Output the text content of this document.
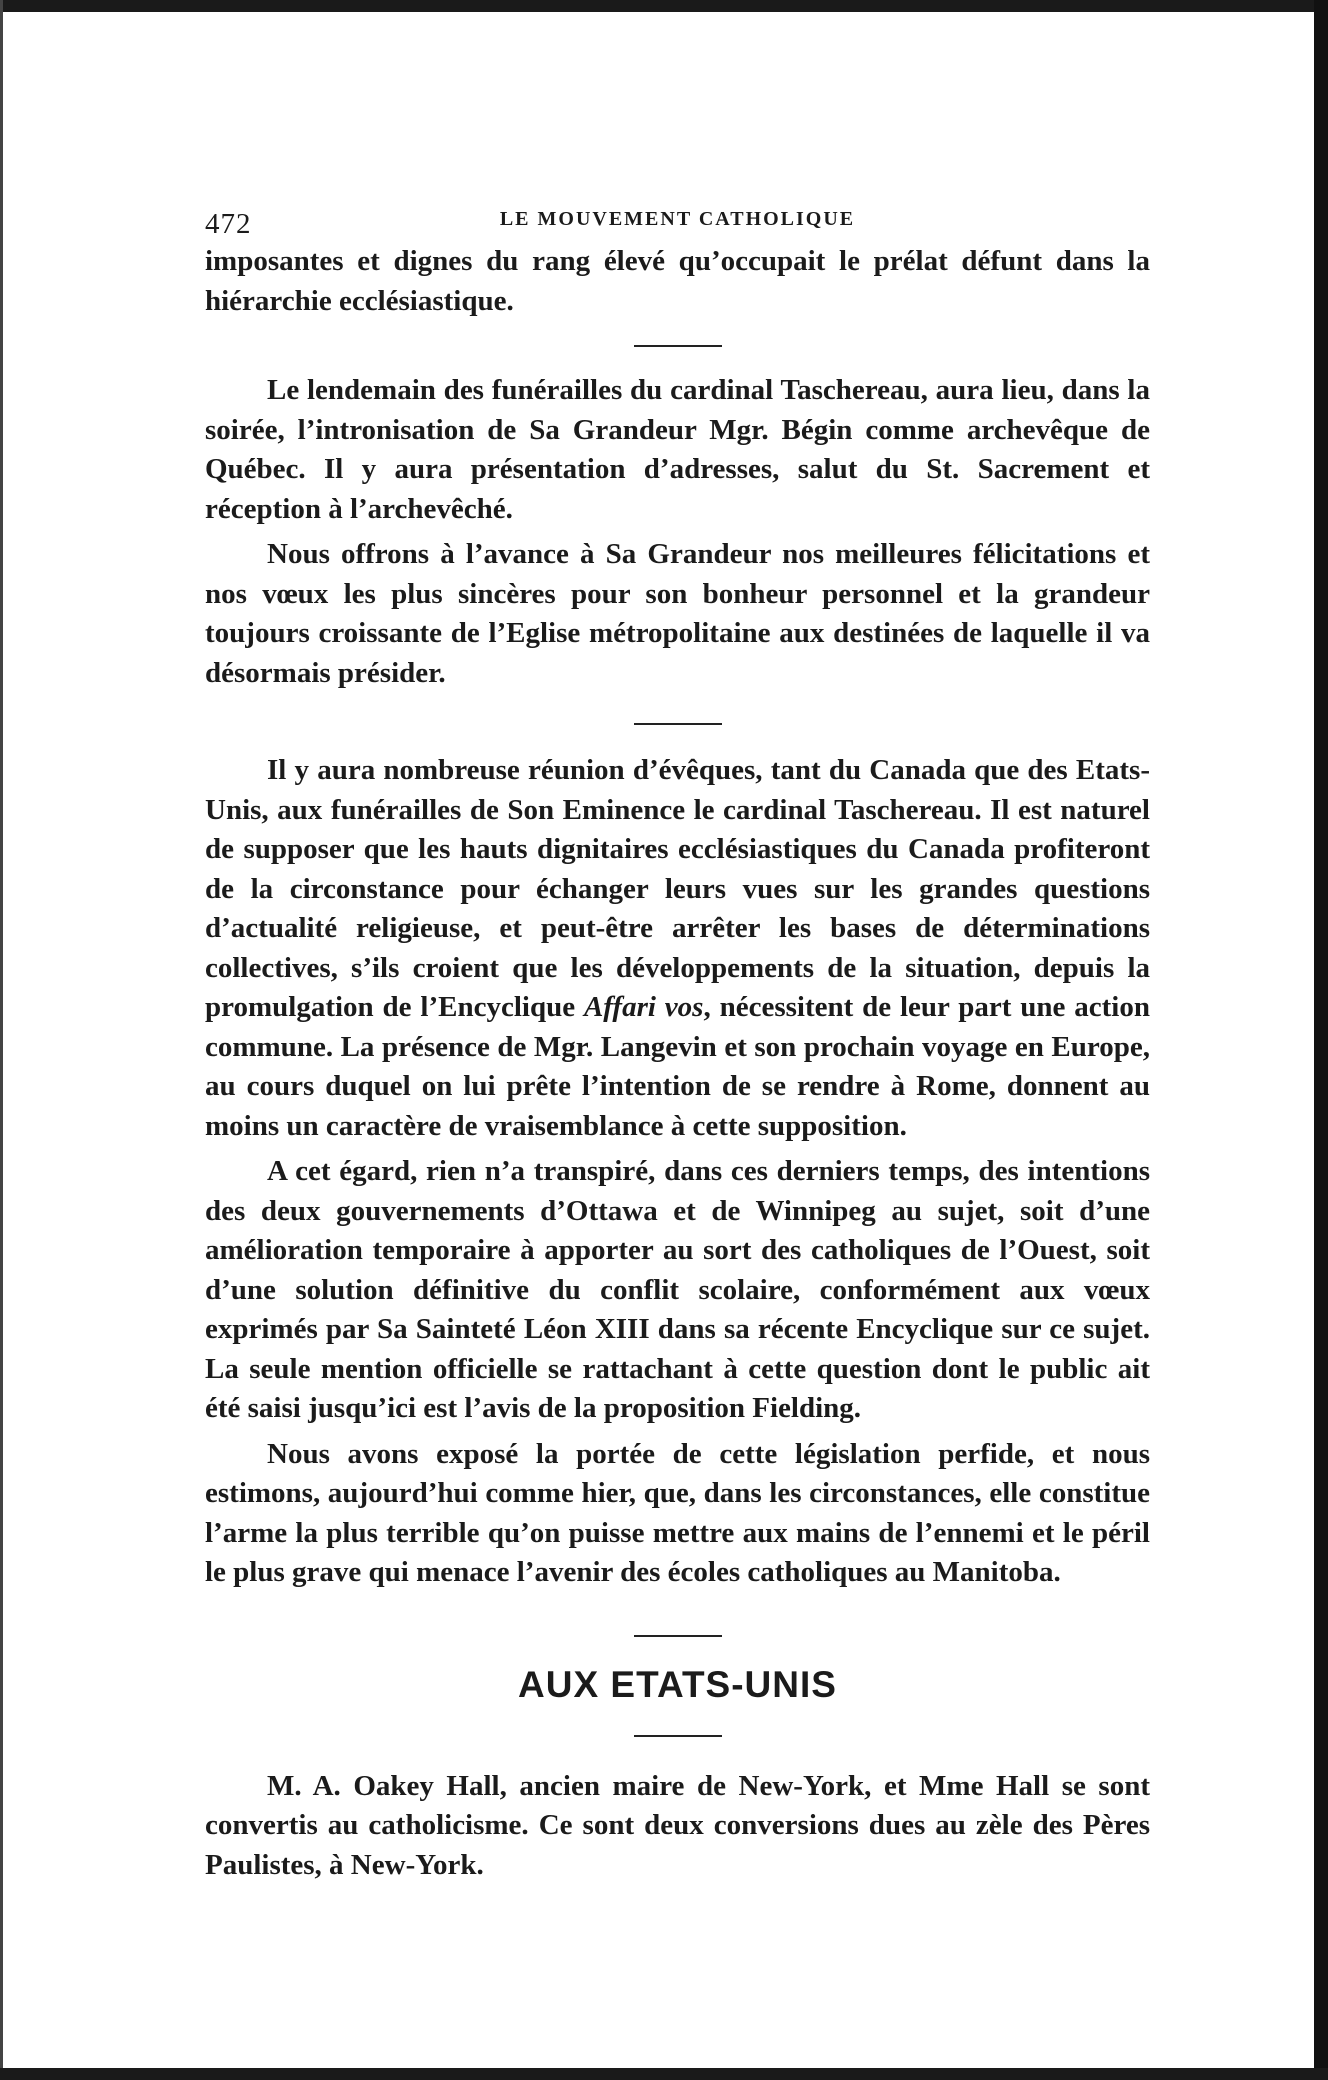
472	LE MOUVEMENT CATHOLIQUE

imposantes et dignes du rang élevé qu’occupait le prélat défunt dans la hiérarchie ecclésiastique.

Le lendemain des funérailles du cardinal Taschereau, aura lieu, dans la soirée, l’intronisation de Sa Grandeur Mgr. Bégin comme archevêque de Québec. Il y aura présentation d’adresses, salut du St. Sacrement et réception à l’archevêché.

Nous offrons à l’avance à Sa Grandeur nos meilleures félicitations et nos vœux les plus sincères pour son bonheur personnel et la grandeur toujours croissante de l’Eglise métropolitaine aux destinées de laquelle il va désormais présider.

Il y aura nombreuse réunion d’évêques, tant du Canada que des Etats-Unis, aux funérailles de Son Eminence le cardinal Taschereau. Il est naturel de supposer que les hauts dignitaires ecclésiastiques du Canada profiteront de la circonstance pour échanger leurs vues sur les grandes questions d’actualité religieuse, et peut-être arrêter les bases de déterminations collectives, s’ils croient que les développements de la situation, depuis la promulgation de l’Encyclique Affari vos, nécessitent de leur part une action commune. La présence de Mgr. Langevin et son prochain voyage en Europe, au cours duquel on lui prête l’intention de se rendre à Rome, donnent au moins un caractère de vraisemblance à cette supposition.

A cet égard, rien n’a transpiré, dans ces derniers temps, des intentions des deux gouvernements d’Ottawa et de Winnipeg au sujet, soit d’une amélioration temporaire à apporter au sort des catholiques de l’Ouest, soit d’une solution définitive du conflit scolaire, conformément aux vœux exprimés par Sa Sainteté Léon XIII dans sa récente Encyclique sur ce sujet. La seule mention officielle se rattachant à cette question dont le public ait été saisi jusqu’ici est l’avis de la proposition Fielding.

Nous avons exposé la portée de cette législation perfide, et nous estimons, aujourd’hui comme hier, que, dans les circonstances, elle constitue l’arme la plus terrible qu’on puisse mettre aux mains de l’ennemi et le péril le plus grave qui menace l’avenir des écoles catholiques au Manitoba.

AUX ETATS-UNIS

M. A. Oakey Hall, ancien maire de New-York, et Mme Hall se sont convertis au catholicisme. Ce sont deux conversions dues au zèle des Pères Paulistes, à New-York.
